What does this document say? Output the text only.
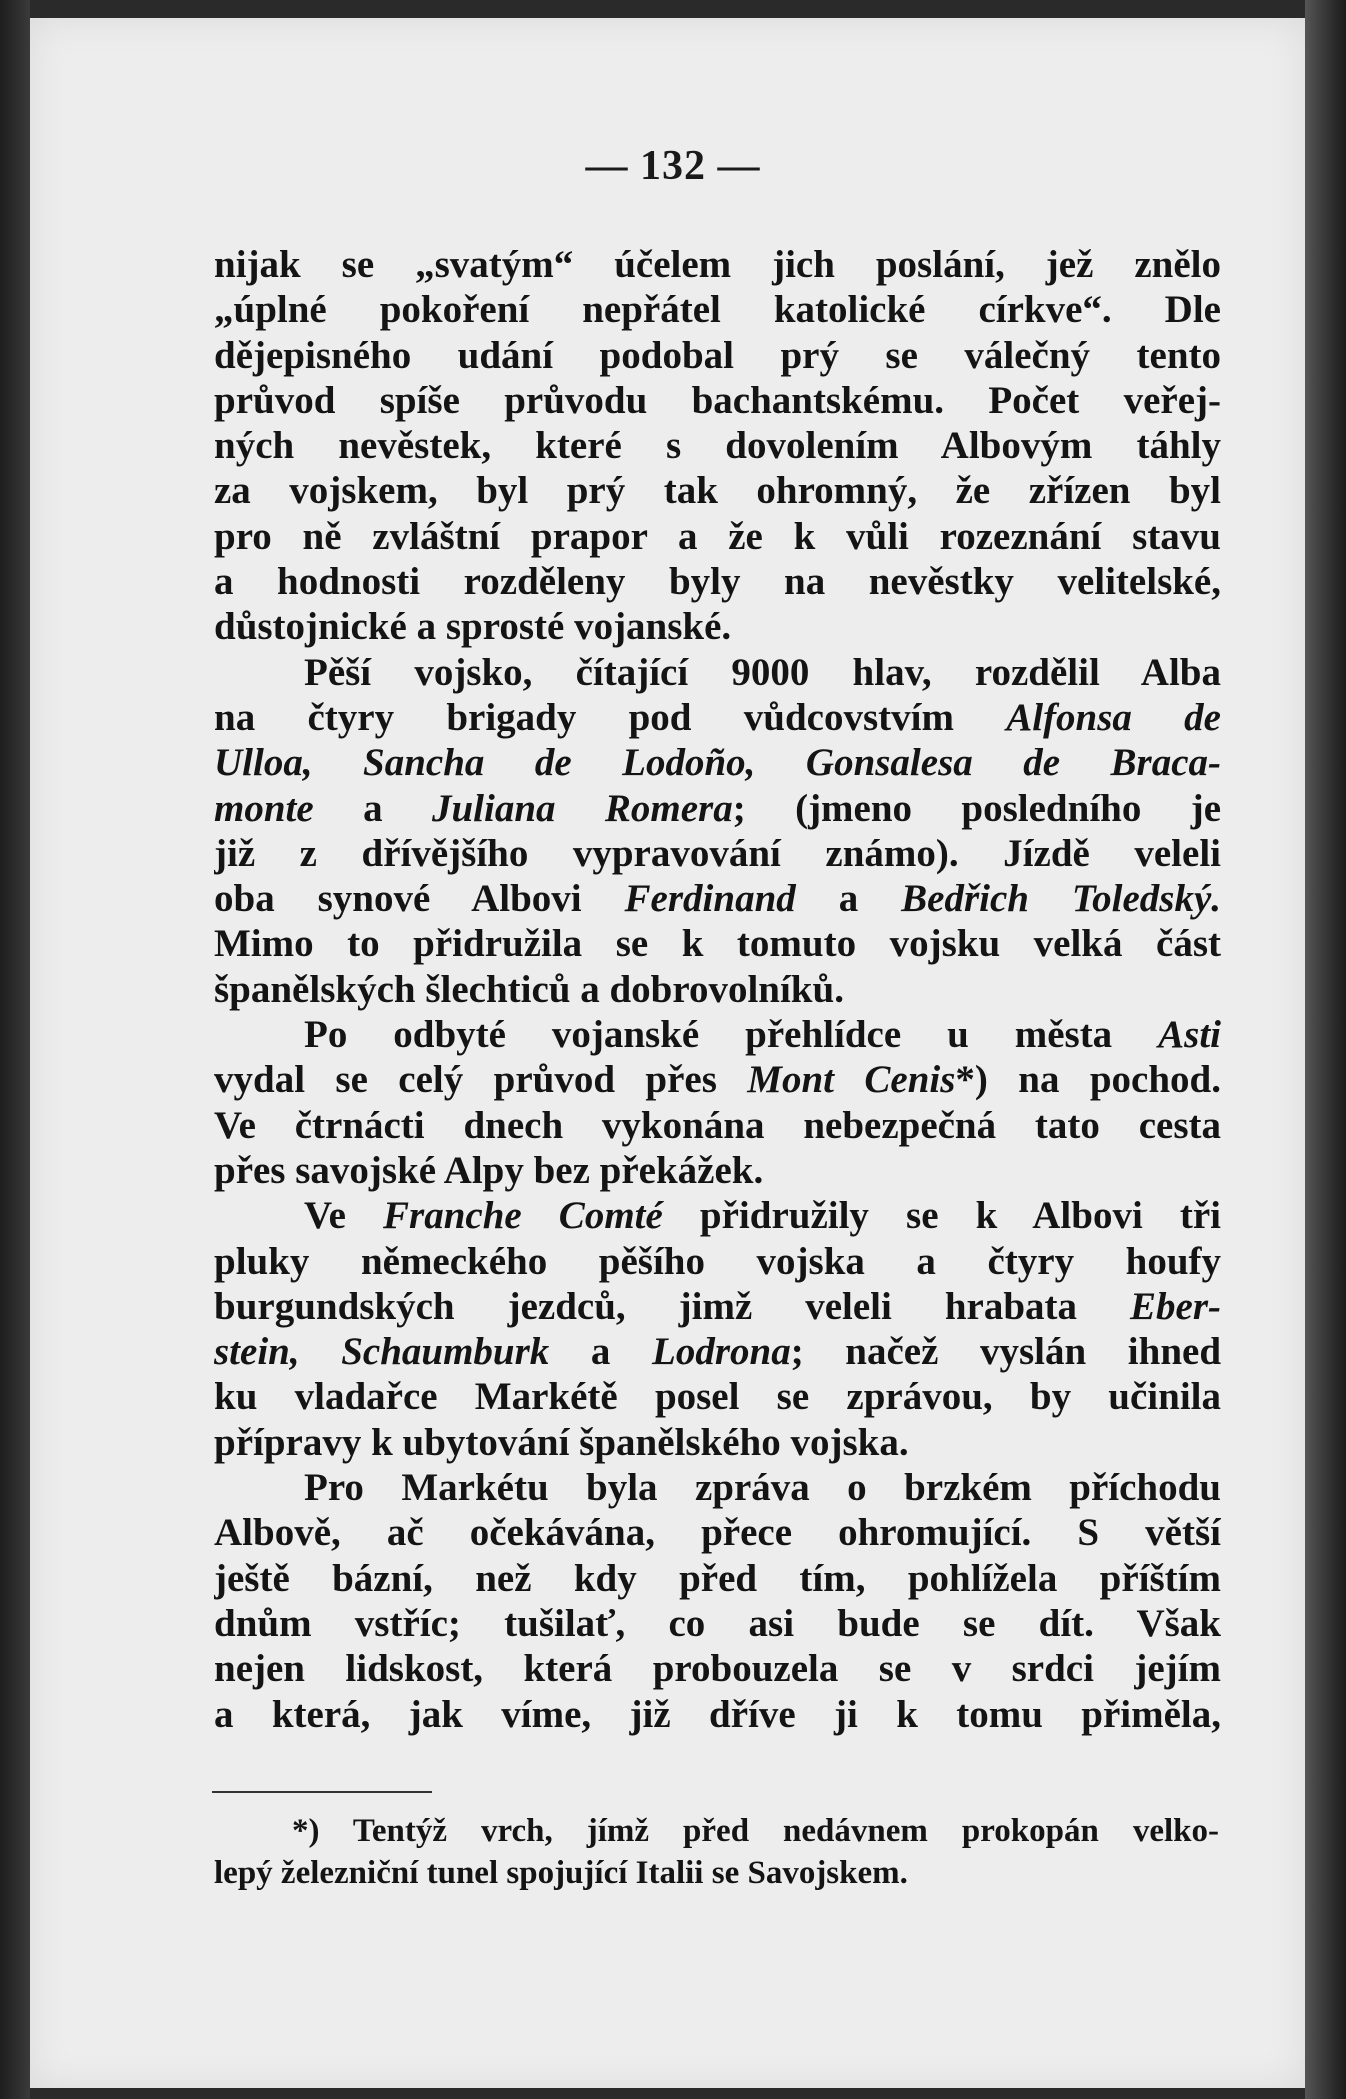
— 132 —
nijak se „svatým“ účelem jich poslání, jež znělo
„úplné pokoření nepřátel katolické církve“. Dle
dějepisného udání podobal prý se válečný tento
průvod spíše průvodu bachantskému. Počet veřej-
ných nevěstek, které s dovolením Albovým táhly
za vojskem, byl prý tak ohromný, že zřízen byl
pro ně zvláštní prapor a že k vůli rozeznání stavu
a hodnosti rozděleny byly na nevěstky velitelské,
důstojnické a sprosté vojanské.
Pěší vojsko, čítající 9000 hlav, rozdělil Alba
na čtyry brigady pod vůdcovstvím Alfonsa de
Ulloa, Sancha de Lodoño, Gonsalesa de Braca-
monte a Juliana Romera; (jmeno posledního je
již z dřívějšího vypravování známo). Jízdě veleli
oba synové Albovi Ferdinand a Bedřich Toledský.
Mimo to přidružila se k tomuto vojsku velká část
španělských šlechticů a dobrovolníků.
Po odbyté vojanské přehlídce u města Asti
vydal se celý průvod přes Mont Cenis*) na pochod.
Ve čtrnácti dnech vykonána nebezpečná tato cesta
přes savojské Alpy bez překážek.
Ve Franche Comté přidružily se k Albovi tři
pluky německého pěšího vojska a čtyry houfy
burgundských jezdců, jimž veleli hrabata Eber-
stein, Schaumburk a Lodrona; načež vyslán ihned
ku vladařce Markétě posel se zprávou, by učinila
přípravy k ubytování španělského vojska.
Pro Markétu byla zpráva o brzkém příchodu
Albově, ač očekávána, přece ohromující. S větší
ještě bázní, než kdy před tím, pohlížela příštím
dnům vstříc; tušilať, co asi bude se dít. Však
nejen lidskost, která probouzela se v srdci jejím
a která, jak víme, již dříve ji k tomu přiměla,
*) Tentýž vrch, jímž před nedávnem prokopán velko-
lepý železniční tunel spojující Italii se Savojskem.
